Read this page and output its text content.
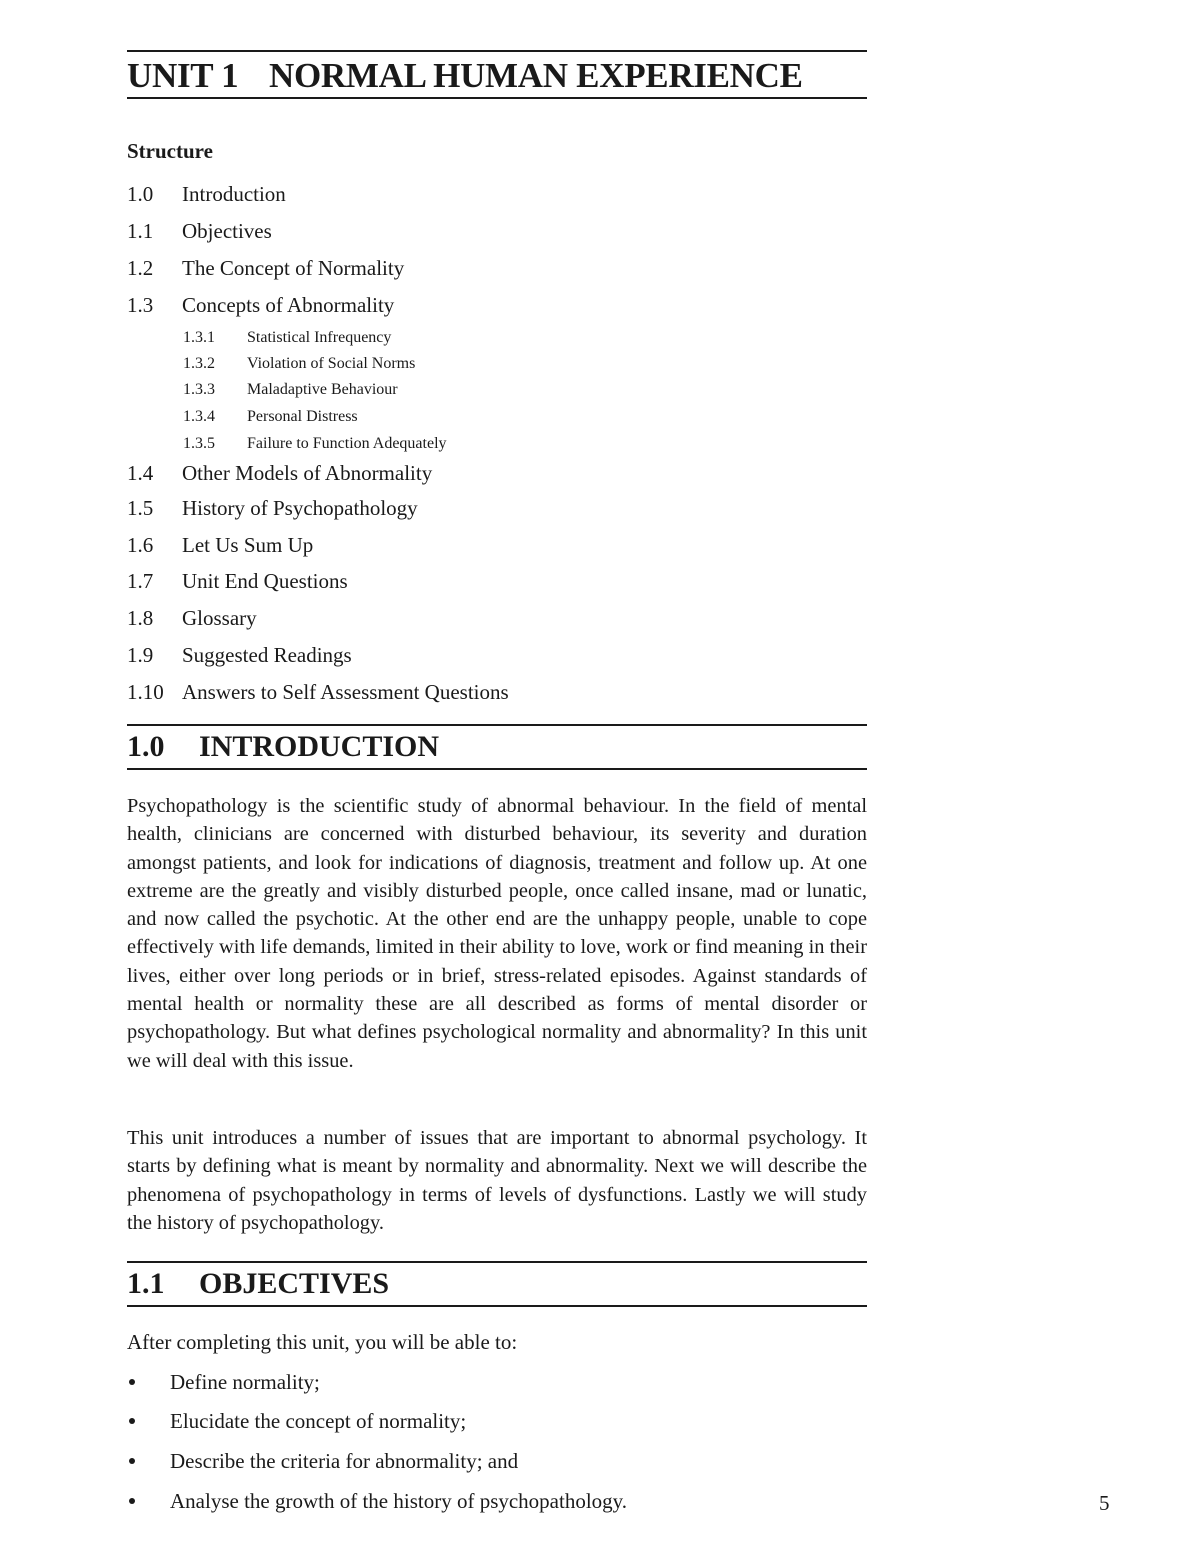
UNIT 1 NORMAL HUMAN EXPERIENCE
Structure
1.0 Introduction
1.1 Objectives
1.2 The Concept of Normality
1.3 Concepts of Abnormality
1.3.1 Statistical Infrequency
1.3.2 Violation of Social Norms
1.3.3 Maladaptive Behaviour
1.3.4 Personal Distress
1.3.5 Failure to Function Adequately
1.4 Other Models of Abnormality
1.5 History of Psychopathology
1.6 Let Us Sum Up
1.7 Unit End Questions
1.8 Glossary
1.9 Suggested Readings
1.10 Answers to Self Assessment Questions
1.0 INTRODUCTION

Psychopathology is the scientific study of abnormal behaviour. In the field of mental health, clinicians are concerned with disturbed behaviour, its severity and duration amongst patients, and look for indications of diagnosis, treatment and follow up. At one extreme are the greatly and visibly disturbed people, once called insane, mad or lunatic, and now called the psychotic. At the other end are the unhappy people, unable to cope effectively with life demands, limited in their ability to love, work or find meaning in their lives, either over long periods or in brief, stress-related episodes. Against standards of mental health or normality these are all described as forms of mental disorder or psychopathology. But what defines psychological normality and abnormality? In this unit we will deal with this issue.

This unit introduces a number of issues that are important to abnormal psychology. It starts by defining what is meant by normality and abnormality. Next we will describe the phenomena of psychopathology in terms of levels of dysfunctions. Lastly we will study the history of psychopathology.

1.1 OBJECTIVES

After completing this unit, you will be able to:

Define normality;
Elucidate the concept of normality;
Describe the criteria for abnormality; and
Analyse the growth of the history of psychopathology.	5
